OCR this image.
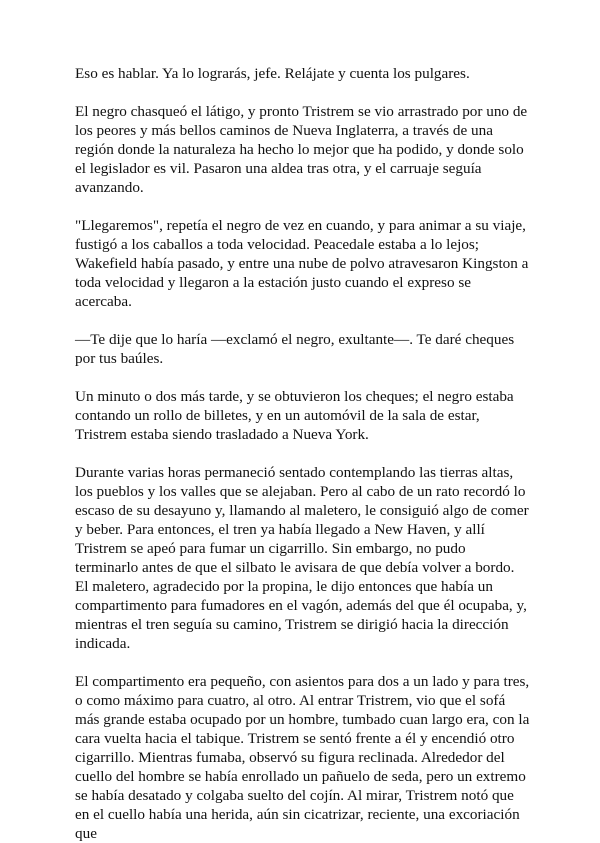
Eso es hablar. Ya lo lograrás, jefe. Relájate y cuenta los pulgares.

El negro chasqueó el látigo, y pronto Tristrem se vio arrastrado por uno de los peores y más bellos caminos de Nueva Inglaterra, a través de una región donde la naturaleza ha hecho lo mejor que ha podido, y donde solo el legislador es vil. Pasaron una aldea tras otra, y el carruaje seguía avanzando.

"Llegaremos", repetía el negro de vez en cuando, y para animar a su viaje, fustigó a los caballos a toda velocidad. Peacedale estaba a lo lejos; Wakefield había pasado, y entre una nube de polvo atravesaron Kingston a toda velocidad y llegaron a la estación justo cuando el expreso se acercaba.

—Te dije que lo haría —exclamó el negro, exultante—. Te daré cheques por tus baúles.

Un minuto o dos más tarde, y se obtuvieron los cheques; el negro estaba contando un rollo de billetes, y en un automóvil de la sala de estar, Tristrem estaba siendo trasladado a Nueva York.

Durante varias horas permaneció sentado contemplando las tierras altas, los pueblos y los valles que se alejaban. Pero al cabo de un rato recordó lo escaso de su desayuno y, llamando al maletero, le consiguió algo de comer y beber. Para entonces, el tren ya había llegado a New Haven, y allí Tristrem se apeó para fumar un cigarrillo. Sin embargo, no pudo terminarlo antes de que el silbato le avisara de que debía volver a bordo. El maletero, agradecido por la propina, le dijo entonces que había un compartimento para fumadores en el vagón, además del que él ocupaba, y, mientras el tren seguía su camino, Tristrem se dirigió hacia la dirección indicada.

El compartimento era pequeño, con asientos para dos a un lado y para tres, o como máximo para cuatro, al otro. Al entrar Tristrem, vio que el sofá más grande estaba ocupado por un hombre, tumbado cuan largo era, con la cara vuelta hacia el tabique. Tristrem se sentó frente a él y encendió otro cigarrillo. Mientras fumaba, observó su figura reclinada. Alrededor del cuello del hombre se había enrollado un pañuelo de seda, pero un extremo se había desatado y colgaba suelto del cojín. Al mirar, Tristrem notó que en el cuello había una herida, aún sin cicatrizar, reciente, una excoriación que
